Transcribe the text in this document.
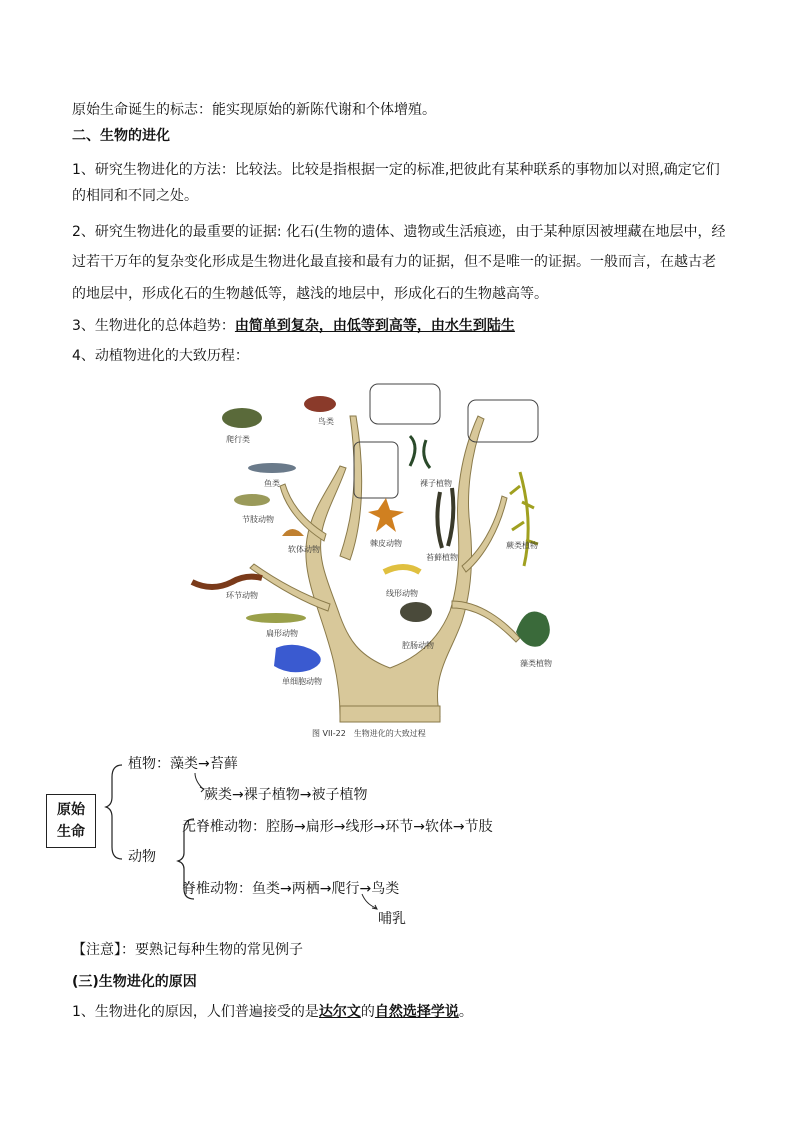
原始生命诞生的标志：能实现原始的新陈代谢和个体增殖。
二、生物的进化
1、研究生物进化的方法：比较法。比较是指根据一定的标准,把彼此有某种联系的事物加以对照,确定它们
的相同和不同之处。
2、研究生物进化的最重要的证据: 化石(生物的遗体、遗物或生活痕迹，由于某种原因被埋藏在地层中，经
过若干万年的复杂变化形成是生物进化最直接和最有力的证据，但不是唯一的证据。一般而言，在越古老
的地层中，形成化石的生物越低等，越浅的地层中，形成化石的生物越高等。
3、生物进化的总体趋势：由简单到复杂，由低等到高等，由水生到陆生
4、动植物进化的大致历程：
爬行类
鸟类
鱼类
节肢动物
软体动物
环节动物
扁形动物
单细胞动物
裸子植物
棘皮动物
苔藓植物
蕨类植物
线形动物
腔肠动物
藻类植物
图 VII-22　生物进化的大致过程
原始
生命
植物：藻类→苔藓
蕨类→裸子植物→被子植物
无脊椎动物：腔肠→扁形→线形→环节→软体→节肢
动物
脊椎动物：鱼类→两栖→爬行→鸟类
哺乳
【注意】：要熟记每种生物的常见例子
(三)生物进化的原因
1、生物进化的原因，人们普遍接受的是达尔文的自然选择学说。
